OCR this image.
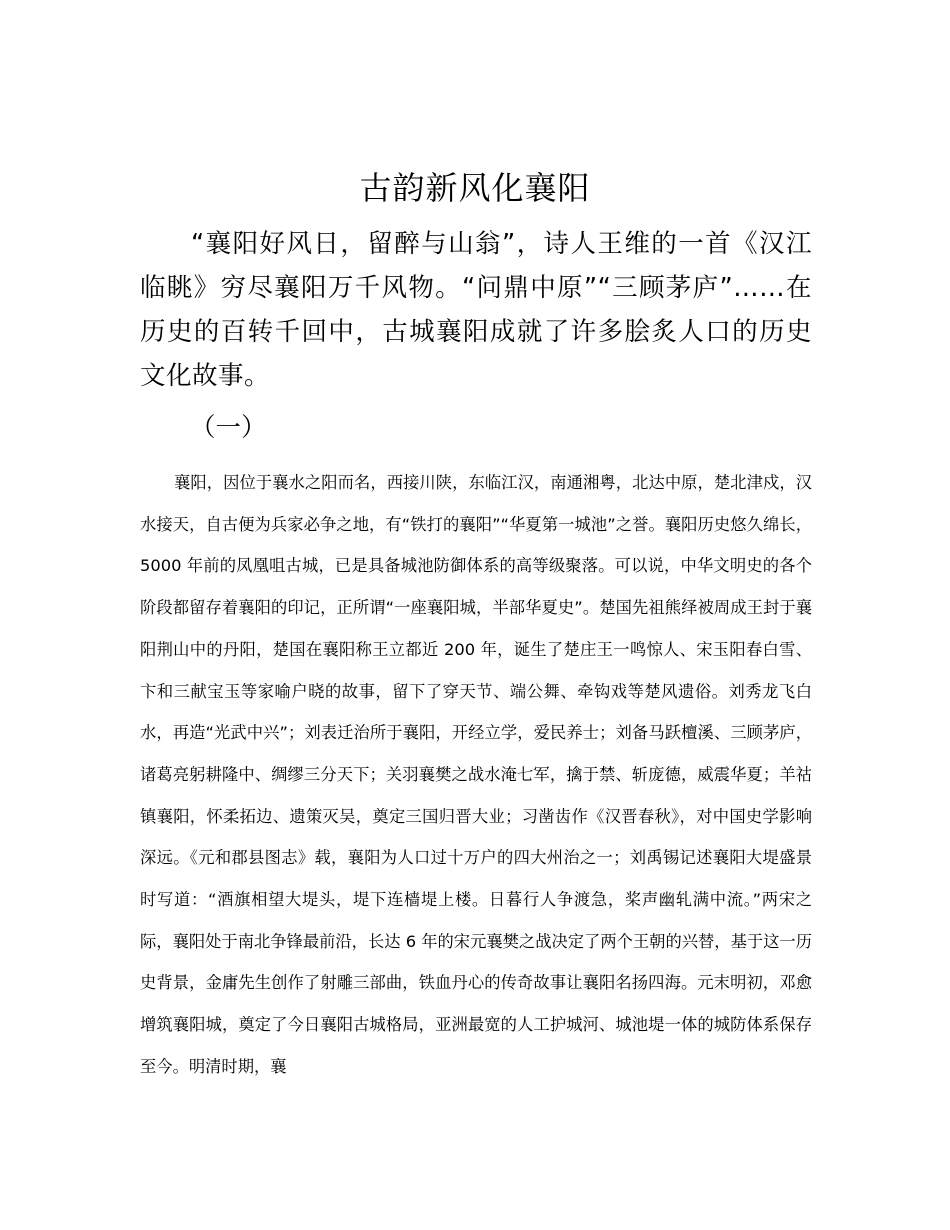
古韵新风化襄阳

“襄阳好风日，留醉与山翁”，诗人王维的一首《汉江临眺》穷尽襄阳万千风物。“问鼎中原”“三顾茅庐”……在历史的百转千回中，古城襄阳成就了许多脍炙人口的历史文化故事。

（一）

襄阳，因位于襄水之阳而名，西接川陕，东临江汉，南通湘粤，北达中原，楚北津戍，汉水接天，自古便为兵家必争之地，有“铁打的襄阳”“华夏第一城池”之誉。襄阳历史悠久绵长，5000 年前的凤凰咀古城，已是具备城池防御体系的高等级聚落。可以说，中华文明史的各个阶段都留存着襄阳的印记，正所谓“一座襄阳城，半部华夏史”。楚国先祖熊绎被周成王封于襄阳荆山中的丹阳，楚国在襄阳称王立都近 200 年，诞生了楚庄王一鸣惊人、宋玉阳春白雪、卞和三献宝玉等家喻户晓的故事，留下了穿天节、端公舞、牵钩戏等楚风遗俗。刘秀龙飞白水，再造“光武中兴”；刘表迁治所于襄阳，开经立学，爱民养士；刘备马跃檀溪、三顾茅庐，诸葛亮躬耕隆中、绸缪三分天下；关羽襄樊之战水淹七军，擒于禁、斩庞德，威震华夏；羊祜镇襄阳，怀柔拓边、遗策灭吴，奠定三国归晋大业；习凿齿作《汉晋春秋》，对中国史学影响深远。《元和郡县图志》载，襄阳为人口过十万户的四大州治之一；刘禹锡记述襄阳大堤盛景时写道：“酒旗相望大堤头，堤下连樯堤上楼。日暮行人争渡急，桨声幽轧满中流。”两宋之际，襄阳处于南北争锋最前沿，长达 6 年的宋元襄樊之战决定了两个王朝的兴替，基于这一历史背景，金庸先生创作了射雕三部曲，铁血丹心的传奇故事让襄阳名扬四海。元末明初，邓愈增筑襄阳城，奠定了今日襄阳古城格局，亚洲最宽的人工护城河、城池堤一体的城防体系保存至今。明清时期，襄
